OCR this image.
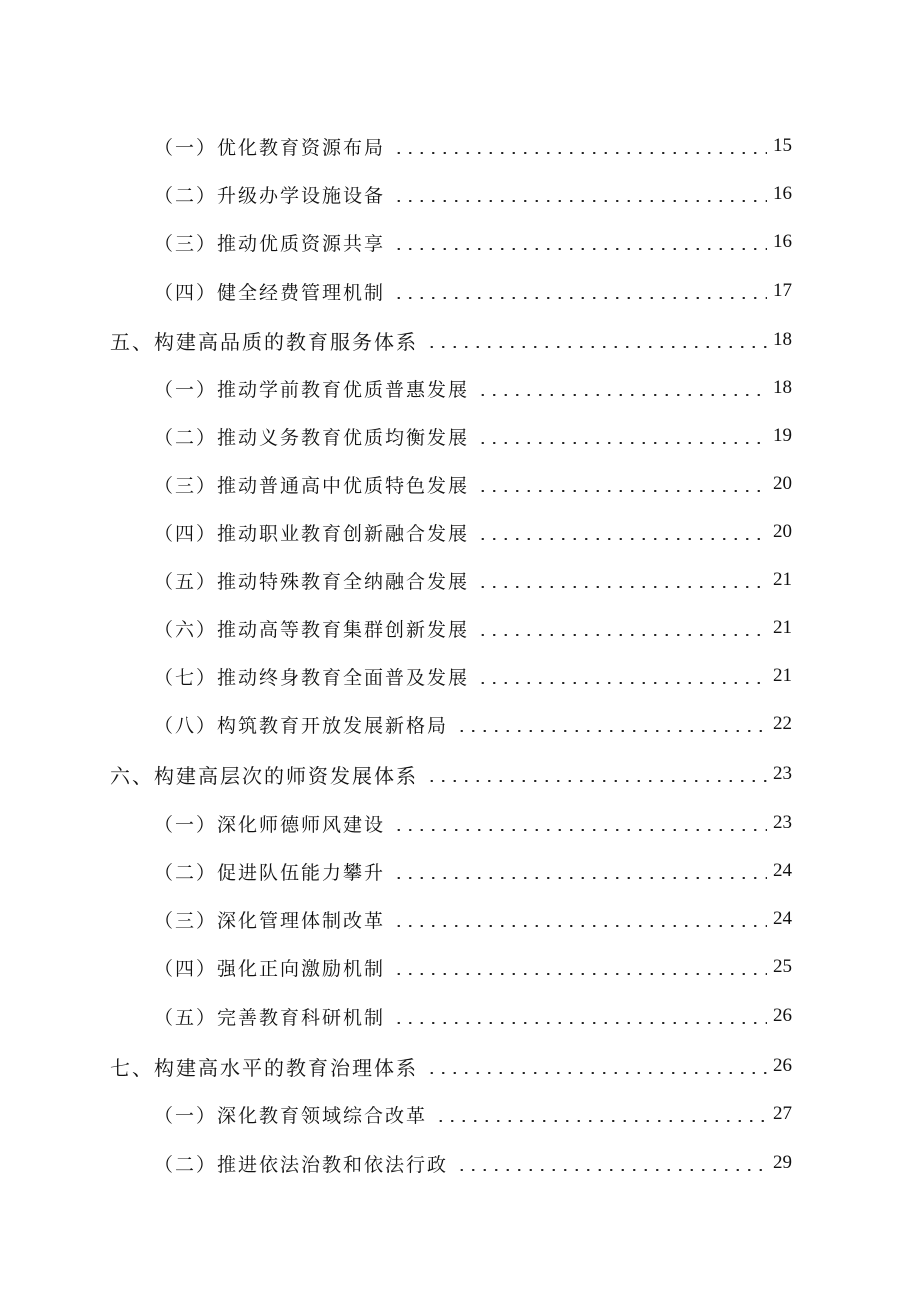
（一）优化教育资源布局	15
（二）升级办学设施设备	16
（三）推动优质资源共享	16
（四）健全经费管理机制	17
五、构建高品质的教育服务体系	18
（一）推动学前教育优质普惠发展	18
（二）推动义务教育优质均衡发展	19
（三）推动普通高中优质特色发展	20
（四）推动职业教育创新融合发展	20
（五）推动特殊教育全纳融合发展	21
（六）推动高等教育集群创新发展	21
（七）推动终身教育全面普及发展	21
（八）构筑教育开放发展新格局	22
六、构建高层次的师资发展体系	23
（一）深化师德师风建设	23
（二）促进队伍能力攀升	24
（三）深化管理体制改革	24
（四）强化正向激励机制	25
（五）完善教育科研机制	26
七、构建高水平的教育治理体系	26
（一）深化教育领域综合改革	27
（二）推进依法治教和依法行政	29
